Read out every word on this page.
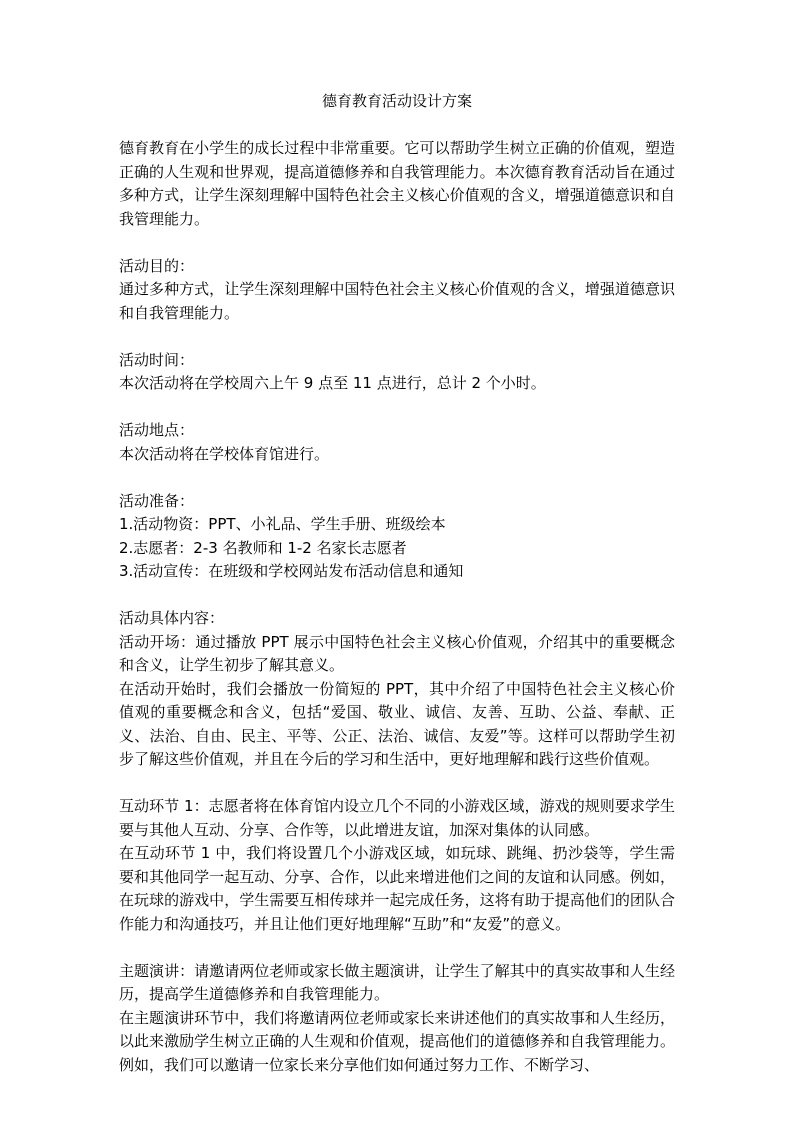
德育教育活动设计方案

德育教育在小学生的成长过程中非常重要。它可以帮助学生树立正确的价值观，塑造正确的人生观和世界观，提高道德修养和自我管理能力。本次德育教育活动旨在通过多种方式，让学生深刻理解中国特色社会主义核心价值观的含义，增强道德意识和自我管理能力。

活动目的：

通过多种方式，让学生深刻理解中国特色社会主义核心价值观的含义，增强道德意识和自我管理能力。

活动时间：

本次活动将在学校周六上午 9 点至 11 点进行，总计 2 个小时。

活动地点：

本次活动将在学校体育馆进行。

活动准备：

1.活动物资：PPT、小礼品、学生手册、班级绘本

2.志愿者：2-3 名教师和 1-2 名家长志愿者

3.活动宣传：在班级和学校网站发布活动信息和通知

活动具体内容：

活动开场：通过播放 PPT 展示中国特色社会主义核心价值观，介绍其中的重要概念和含义，让学生初步了解其意义。

在活动开始时，我们会播放一份简短的 PPT，其中介绍了中国特色社会主义核心价值观的重要概念和含义，包括“爱国、敬业、诚信、友善、互助、公益、奉献、正义、法治、自由、民主、平等、公正、法治、诚信、友爱”等。这样可以帮助学生初步了解这些价值观，并且在今后的学习和生活中，更好地理解和践行这些价值观。

互动环节 1：志愿者将在体育馆内设立几个不同的小游戏区域，游戏的规则要求学生要与其他人互动、分享、合作等，以此增进友谊，加深对集体的认同感。

在互动环节 1 中，我们将设置几个小游戏区域，如玩球、跳绳、扔沙袋等，学生需要和其他同学一起互动、分享、合作，以此来增进他们之间的友谊和认同感。例如，在玩球的游戏中，学生需要互相传球并一起完成任务，这将有助于提高他们的团队合作能力和沟通技巧，并且让他们更好地理解“互助”和“友爱”的意义。

主题演讲：请邀请两位老师或家长做主题演讲，让学生了解其中的真实故事和人生经历，提高学生道德修养和自我管理能力。

在主题演讲环节中，我们将邀请两位老师或家长来讲述他们的真实故事和人生经历，以此来激励学生树立正确的人生观和价值观，提高他们的道德修养和自我管理能力。例如，我们可以邀请一位家长来分享他们如何通过努力工作、不断学习、
